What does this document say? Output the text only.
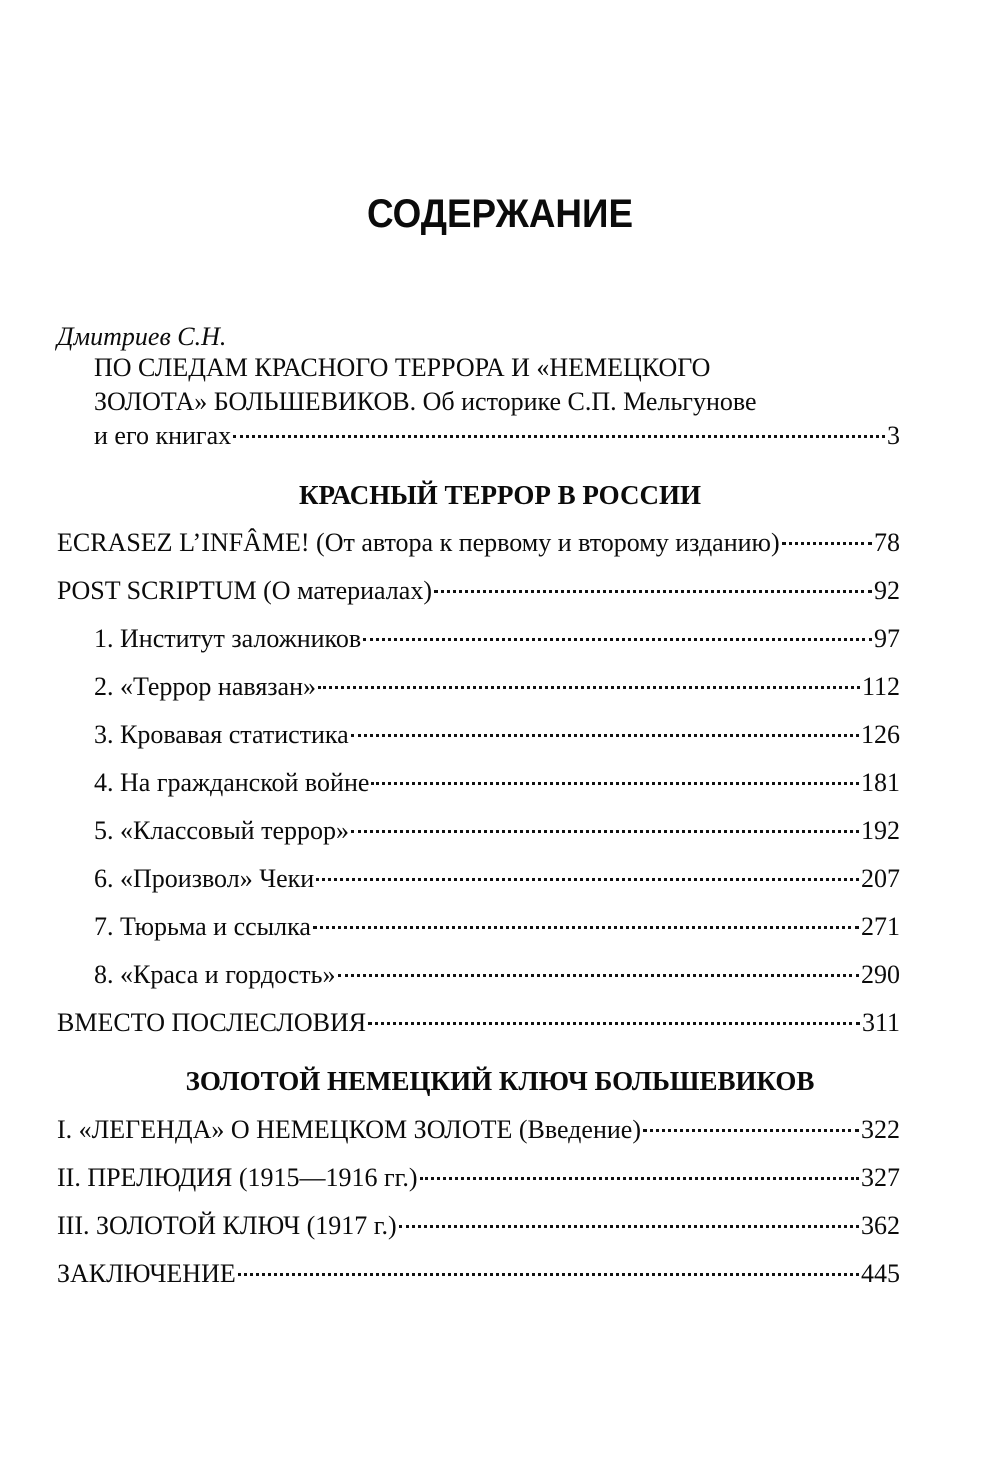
СОДЕРЖАНИЕ
Дмитриев С.Н.
ПО СЛЕДАМ КРАСНОГО ТЕРРОРА И «НЕМЕЦКОГО
ЗОЛОТА» БОЛЬШЕВИКОВ. Об историке С.П. Мельгунове
и его книгах	3
КРАСНЫЙ ТЕРРОР В РОССИИ
ECRASEZ L’INFÂME! (От автора к первому и второму изданию)	78
POST SCRIPTUM (О материалах)	92
1. Институт заложников	97
2. «Террор навязан»	112
3. Кровавая статистика	126
4. На гражданской войне	181
5. «Классовый террор»	192
6. «Произвол» Чеки	207
7. Тюрьма и ссылка	271
8. «Краса и гордость»	290
ВМЕСТО ПОСЛЕСЛОВИЯ	311
ЗОЛОТОЙ НЕМЕЦКИЙ КЛЮЧ БОЛЬШЕВИКОВ
I. «ЛЕГЕНДА» О НЕМЕЦКОМ ЗОЛОТЕ (Введение)	322
II. ПРЕЛЮДИЯ (1915—1916 гг.)	327
III. ЗОЛОТОЙ КЛЮЧ (1917 г.)	362
ЗАКЛЮЧЕНИЕ	445
